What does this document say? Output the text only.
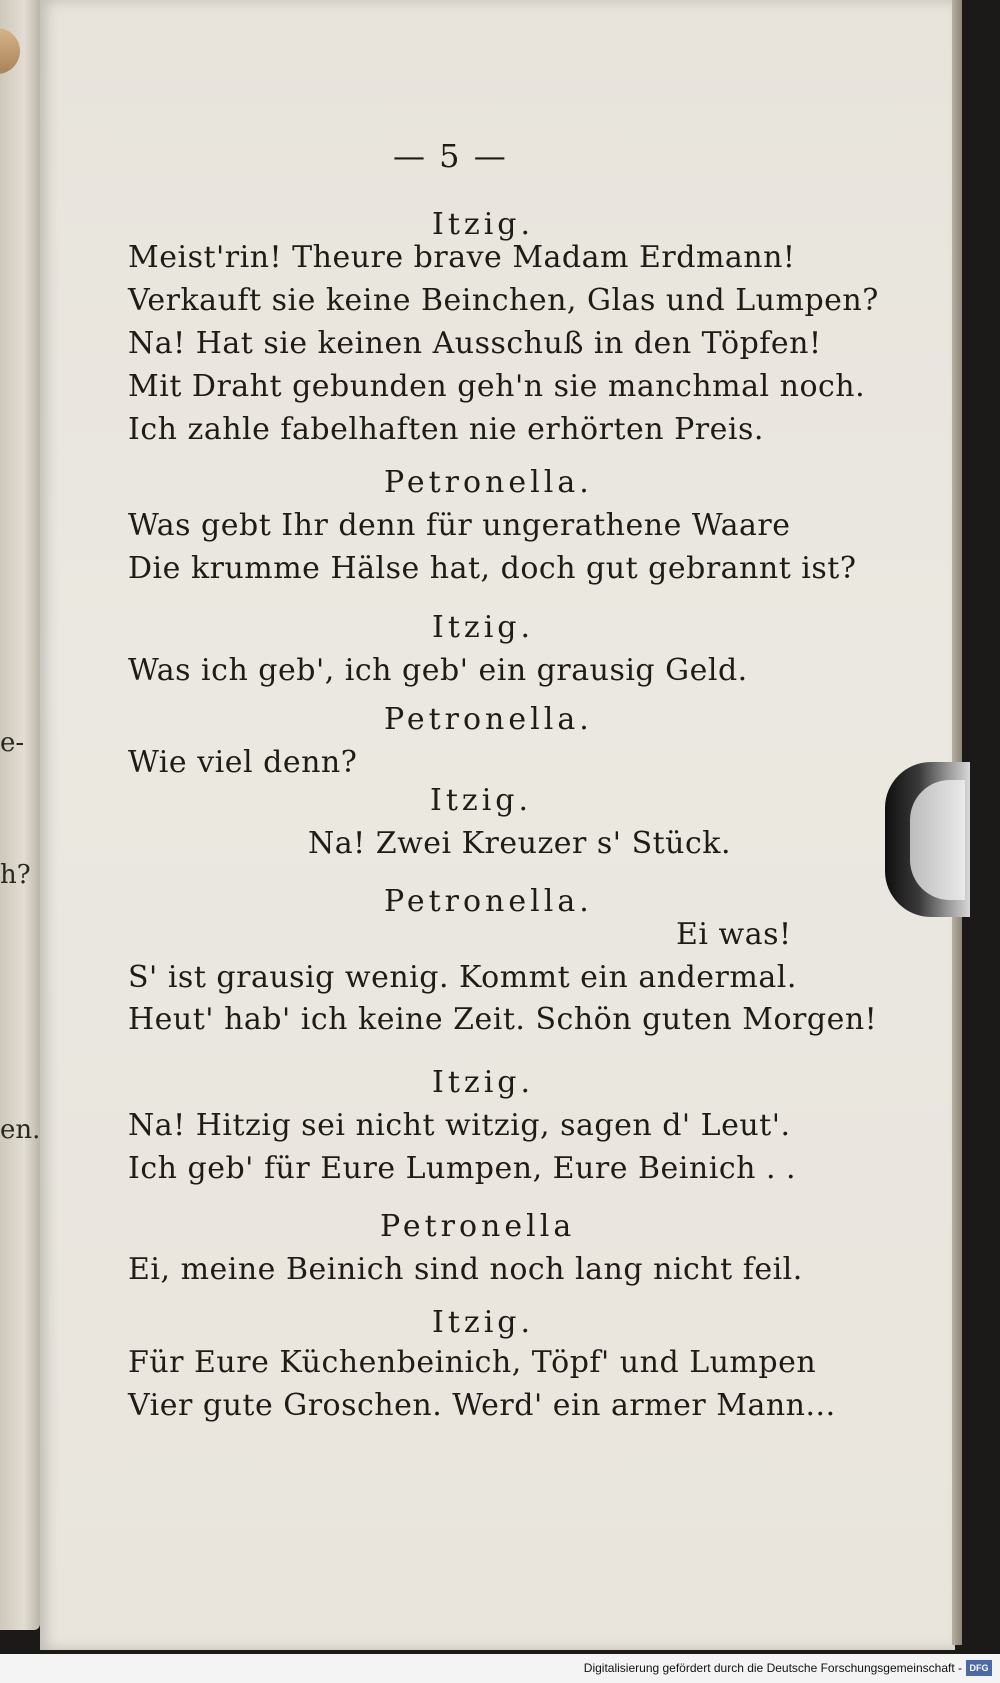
e-
h?
en.
— 5 —
Itzig.
Meist'rin! Theure brave Madam Erdmann!
Verkauft sie keine Beinchen, Glas und Lumpen?
Na! Hat sie keinen Ausschuß in den Töpfen!
Mit Draht gebunden geh'n sie manchmal noch.
Ich zahle fabelhaften nie erhörten Preis.
Petronella.
Was gebt Ihr denn für ungerathene Waare
Die krumme Hälse hat, doch gut gebrannt ist?
Itzig.
Was ich geb', ich geb' ein grausig Geld.
Petronella.
Wie viel denn?
Itzig.
Na! Zwei Kreuzer s' Stück.
Petronella.
Ei was!
S' ist grausig wenig. Kommt ein andermal.
Heut' hab' ich keine Zeit. Schön guten Morgen!
Itzig.
Na! Hitzig sei nicht witzig, sagen d' Leut'.
Ich geb' für Eure Lumpen, Eure Beinich . .
Petronella
Ei, meine Beinich sind noch lang nicht feil.
Itzig.
Für Eure Küchenbeinich, Töpf' und Lumpen
Vier gute Groschen. Werd' ein armer Mann...
Digitalisierung gefördert durch die Deutsche Forschungsgemeinschaft - DFG
